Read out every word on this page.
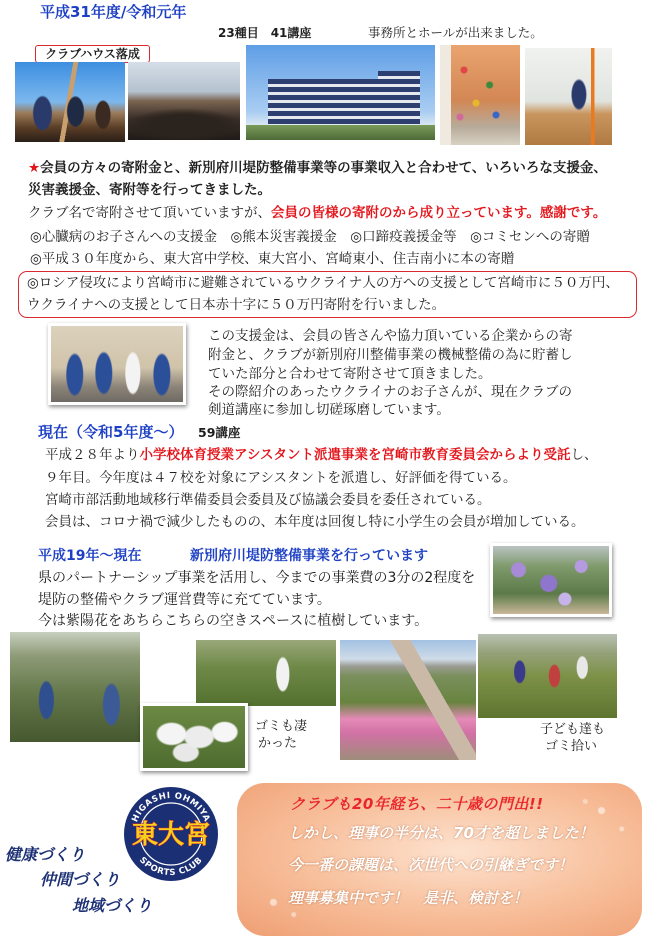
平成31年度/令和元年
23種目　41講座	事務所とホールが出来ました。
クラブハウス落成
★会員の方々の寄附金と、新別府川堤防整備事業等の事業収入と合わせて、いろいろな支援金、
災害義援金、寄附等を行ってきました。
クラブ名で寄附させて頂いていますが、会員の皆様の寄附のから成り立っています。感謝です。
◎心臓病のお子さんへの支援金　◎熊本災害義援金　◎口蹄疫義援金等　◎コミセンへの寄贈
◎平成３０年度から、東大宮中学校、東大宮小、宮崎東小、住吉南小に本の寄贈
◎ロシア侵攻により宮崎市に避難されているウクライナ人の方への支援として宮崎市に５０万円、
ウクライナへの支援として日本赤十字に５０万円寄附を行いました。
この支援金は、会員の皆さんや協力頂いている企業からの寄
附金と、クラブが新別府川整備事業の機械整備の為に貯蓄し
ていた部分と合わせて寄附させて頂きました。
その際紹介のあったウクライナのお子さんが、現在クラブの
剣道講座に参加し切磋琢磨しています。
現在（令和5年度～） 59講座
平成２８年より小学校体育授業アシスタント派遣事業を宮崎市教育委員会からより受託し、
９年目。今年度は４７校を対象にアシスタントを派遣し、好評価を得ている。
宮崎市部活動地域移行準備委員会委員及び協議会委員を委任されている。
会員は、コロナ禍で減少したものの、本年度は回復し特に小学生の会員が増加している。
平成19年～現在	新別府川堤防整備事業を行っています
県のパートナーシップ事業を活用し、今までの事業費の3分の2程度を
堤防の整備やクラブ運営費等に充てています。
今は紫陽花をあちらこちらの空きスペースに植樹しています。
ゴミも凄
かった
子ども達も
ゴミ拾い
HIGASHI OHMIYA
SPORTS CLUB
東大宮
健康づくり
仲間づくり
地域づくり
クラブも20年経ち、二十歳の門出!!
しかし、理事の半分は、70才を超しました！
今一番の課題は、次世代への引継ぎです！
理事募集中です！　是非、検討を！
